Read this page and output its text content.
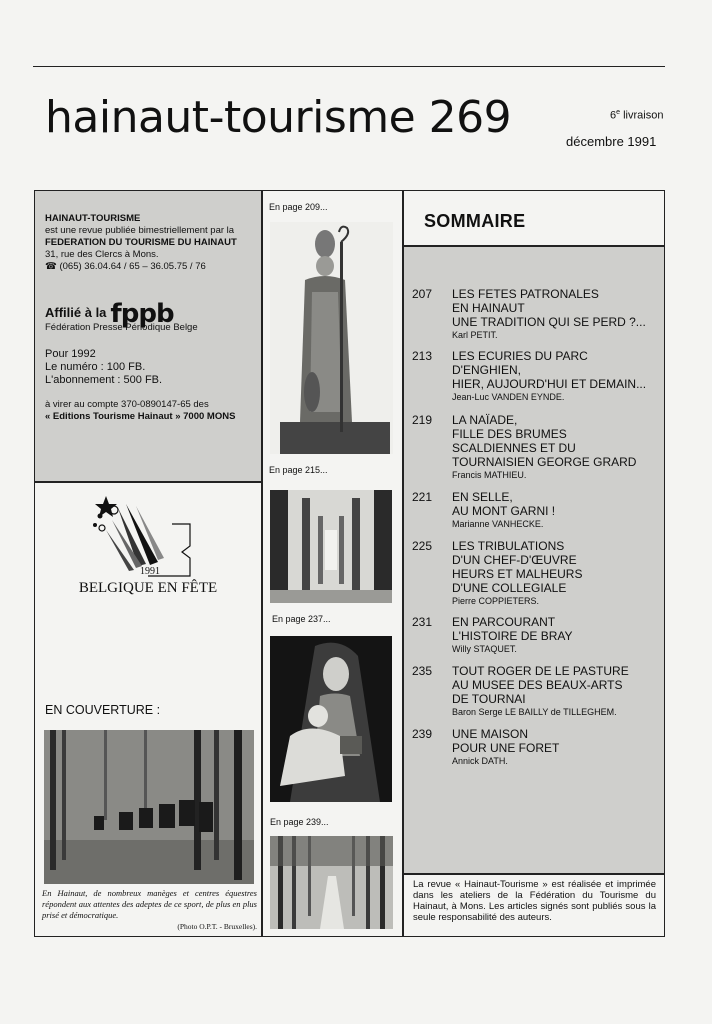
hainaut-tourisme 269	6e livraison
décembre 1991
HAINAUT-TOURISME
est une revue publiée bimestriellement par la
FEDERATION DU TOURISME DU HAINAUT
31, rue des Clercs à Mons.
☎ (065) 36.04.64 / 65 – 36.05.75 / 76
Affilié à la fppb
Fédération Presse Périodique Belge
Pour 1992
Le numéro : 100 FB.
L'abonnement : 500 FB.
à virer au compte 370-0890147-65 des
« Editions Tourisme Hainaut » 7000 MONS
1991
BELGIQUE EN FÊTE
EN COUVERTURE :
En Hainaut, de nombreux manèges et centres équestres répondent aux attentes des adeptes de ce sport, de plus en plus prisé et démocratique.
(Photo O.P.T. - Bruxelles).
En page 209...
En page 215...
En page 237...
En page 239...
SOMMAIRE
207 LES FETES PATRONALES
EN HAINAUT
UNE TRADITION QUI SE PERD ?...
Karl PETIT.
213 LES ECURIES DU PARC
D'ENGHIEN,
HIER, AUJOURD'HUI ET DEMAIN...
Jean-Luc VANDEN EYNDE.
219 LA NAÏADE,
FILLE DES BRUMES
SCALDIENNES ET DU
TOURNAISIEN GEORGE GRARD
Francis MATHIEU.
221 EN SELLE,
AU MONT GARNI !
Marianne VANHECKE.
225 LES TRIBULATIONS
D'UN CHEF-D'ŒUVRE
HEURS ET MALHEURS
D'UNE COLLEGIALE
Pierre COPPIETERS.
231 EN PARCOURANT
L'HISTOIRE DE BRAY
Willy STAQUET.
235 TOUT ROGER DE LE PASTURE
AU MUSEE DES BEAUX-ARTS
DE TOURNAI
Baron Serge LE BAILLY de TILLEGHEM.
239 UNE MAISON
POUR UNE FORET
Annick DATH.
La revue « Hainaut-Tourisme » est réalisée et imprimée dans les ateliers de la Fédération du Tourisme du Hainaut, à Mons. Les articles signés sont publiés sous la seule responsabilité des auteurs.
